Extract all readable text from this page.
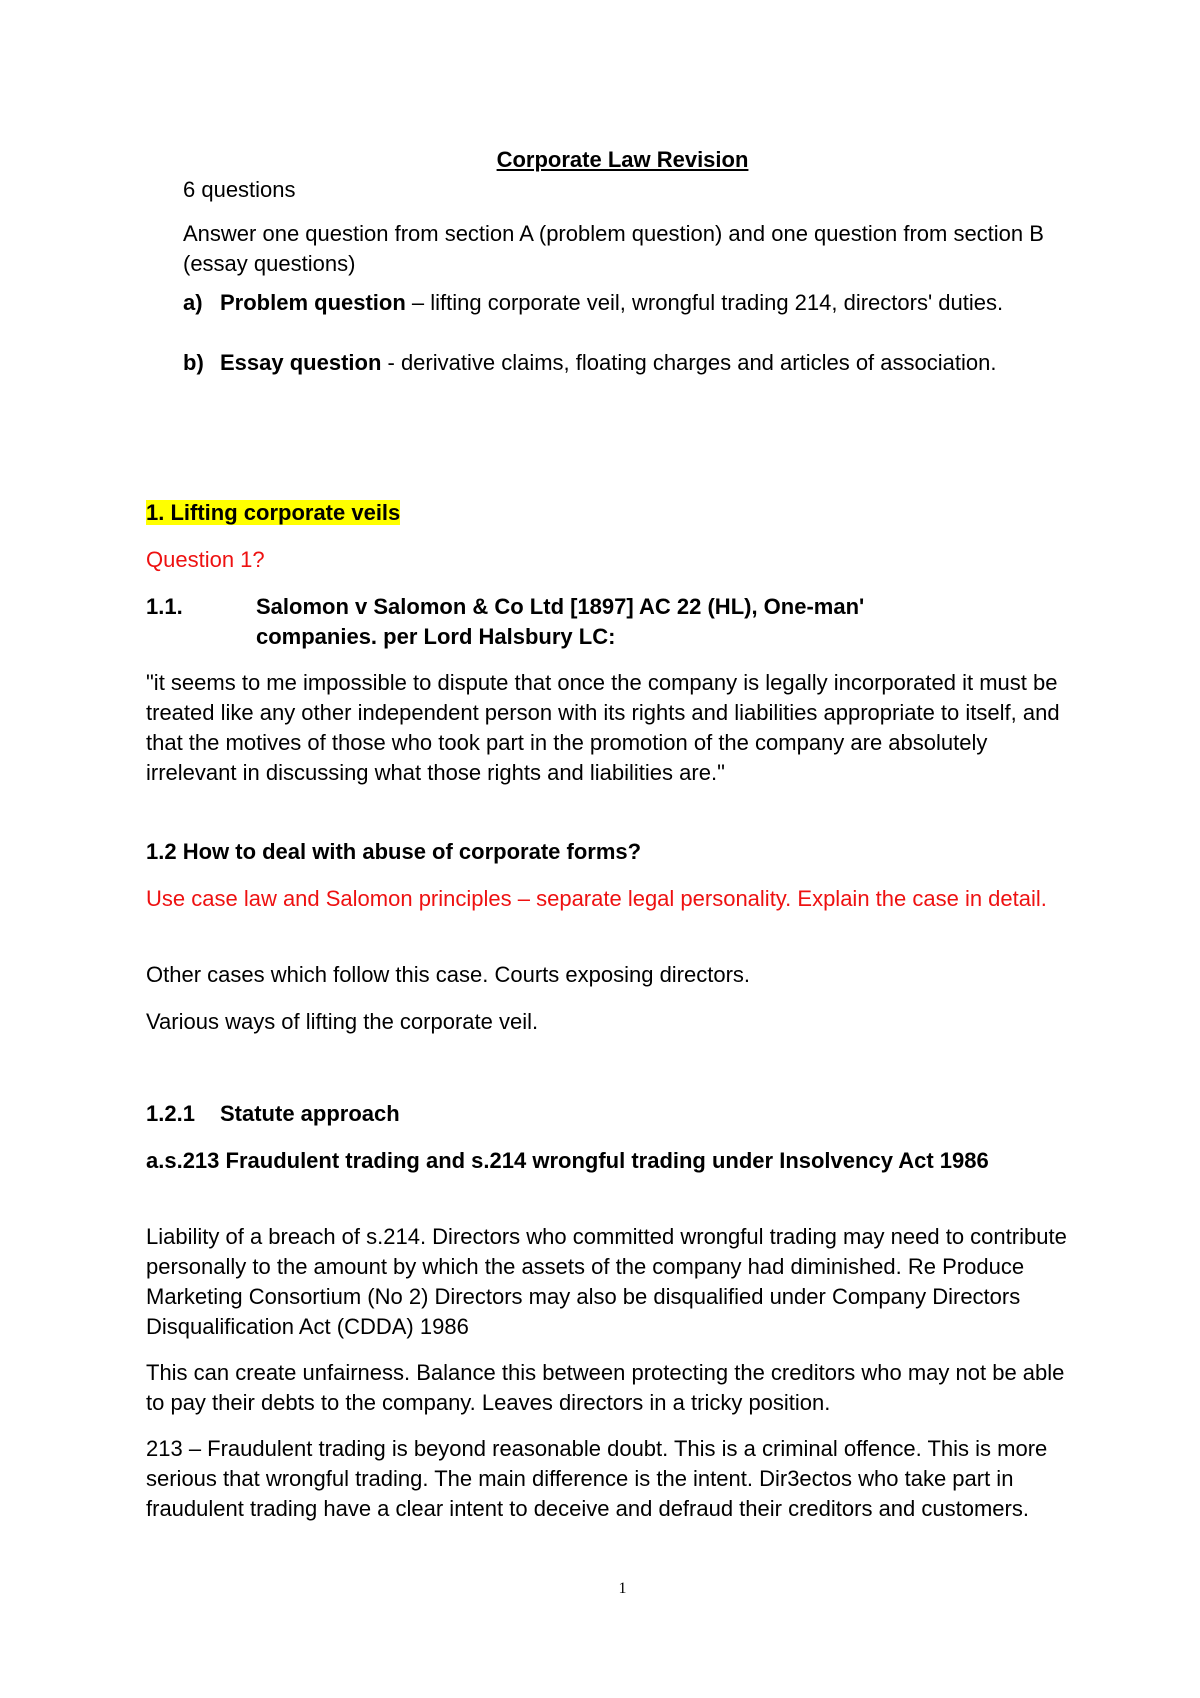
Corporate Law Revision

6 questions

Answer one question from section A (problem question) and one question from section B (essay questions)

a) Problem question – lifting corporate veil, wrongful trading 214, directors' duties.
b) Essay question - derivative claims, floating charges and articles of association.
1. Lifting corporate veils

Question 1?

1.1.	Salomon v Salomon & Co Ltd [1897] AC 22 (HL), One-man' companies. per Lord Halsbury LC:

"it seems to me impossible to dispute that once the company is legally incorporated it must be treated like any other independent person with its rights and liabilities appropriate to itself, and that the motives of those who took part in the promotion of the company are absolutely irrelevant in discussing what those rights and liabilities are."

1.2 How to deal with abuse of corporate forms?

Use case law and Salomon principles – separate legal personality. Explain the case in detail.

Other cases which follow this case. Courts exposing directors.

Various ways of lifting the corporate veil.

1.2.1 Statute approach

a.s.213 Fraudulent trading and s.214 wrongful trading under Insolvency Act 1986

Liability of a breach of s.214. Directors who committed wrongful trading may need to contribute personally to the amount by which the assets of the company had diminished. Re Produce Marketing Consortium (No 2) Directors may also be disqualified under Company Directors Disqualification Act (CDDA) 1986

This can create unfairness. Balance this between protecting the creditors who may not be able to pay their debts to the company. Leaves directors in a tricky position.

213 – Fraudulent trading is beyond reasonable doubt. This is a criminal offence. This is more serious that wrongful trading. The main difference is the intent. Dir3ectos who take part in fraudulent trading have a clear intent to deceive and defraud their creditors and customers.

1
